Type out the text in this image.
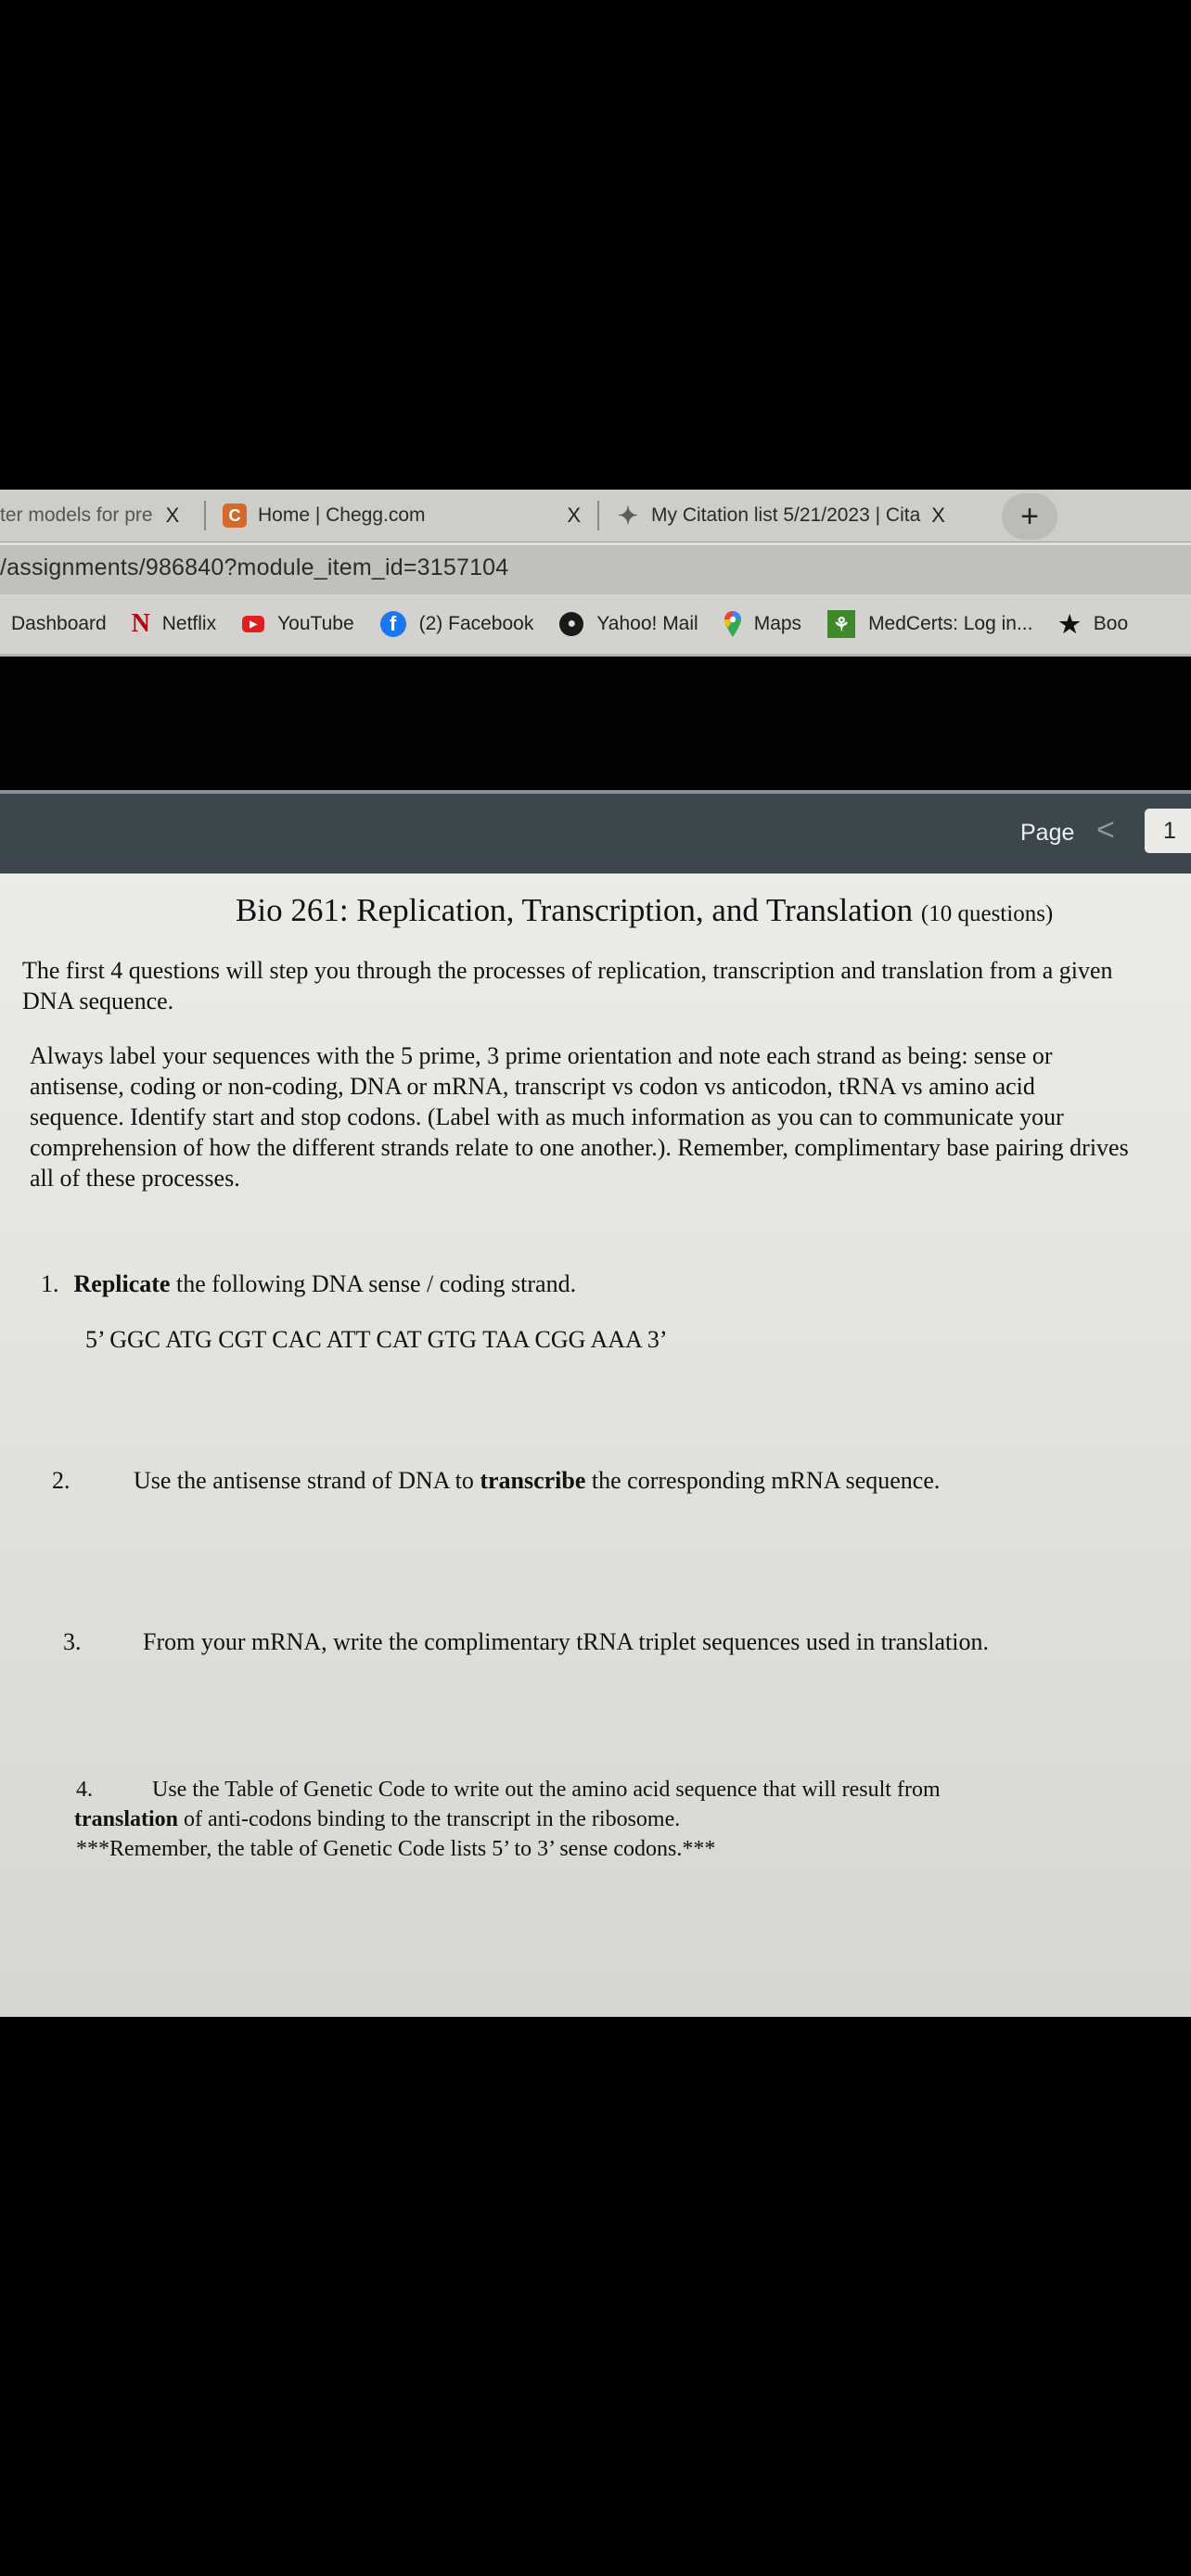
ter models for pre X	C Home | Chegg.com	X ✦ My Citation list 5/21/2023 | Cita X	+
/assignments/986840?module_item_id=3157104
Dashboard N Netflix	▶	YouTube	f	(2) Facebook	●	Yahoo! Mail	Maps	⚘ MedCerts: Log in... ★ Boo
Page <
1
Bio 261: Replication, Transcription, and Translation (10 questions)
The first 4 questions will step you through the processes of replication, transcription and translation from a given DNA sequence.
Always label your sequences with the 5 prime, 3 prime orientation and note each strand as being: sense or antisense, coding or non-coding, DNA or mRNA, transcript vs codon vs anticodon, tRNA vs amino acid sequence. Identify start and stop codons. (Label with as much information as you can to communicate your comprehension of how the different strands relate to one another.). Remember, complimentary base pairing drives all of these processes.
1. Replicate the following DNA sense / coding strand.
5’ GGC ATG CGT CAC ATT CAT GTG TAA CGG AAA 3’
2.	Use the antisense strand of DNA to transcribe the corresponding mRNA sequence.
3.	From your mRNA, write the complimentary tRNA triplet sequences used in translation.
4.	Use the Table of Genetic Code to write out the amino acid sequence that will result from
translation of anti-codons binding to the transcript in the ribosome.
***Remember, the table of Genetic Code lists 5’ to 3’ sense codons.***
